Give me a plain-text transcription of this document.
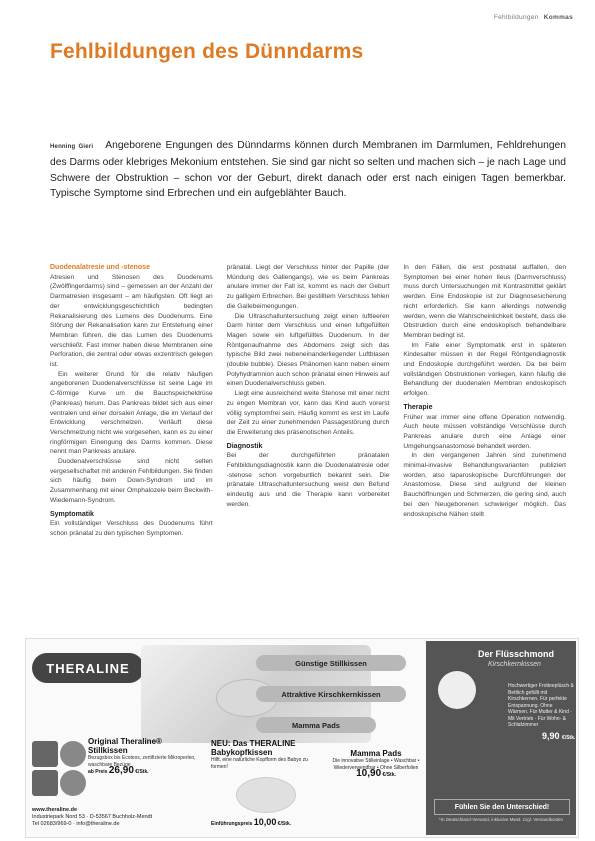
Fehlbildungen Kommas
Fehlbildungen des Dünndarms
Henning Gieri Angeborene Engungen des Dünndarms können durch Membranen im Darmlumen, Fehldrehungen des Darms oder klebriges Mekonium entstehen. Sie sind gar nicht so selten und machen sich – je nach Lage und Schwere der Obstruktion – schon vor der Geburt, direkt danach oder erst nach einigen Tagen bemerkbar. Typische Symptome sind Erbrechen und ein aufgeblähter Bauch.
Duodenalatresie und -stenose

Atresien und Stenosen des Duodenums (Zwölffingerdarms) sind – gemessen an der Anzahl der Darmatresien insgesamt – am häufigsten. Oft liegt an der entwicklungsgeschichtlich bedingten Rekanalisierung des Lumens des Duodenums. Eine Störung der Rekanalisation kann zur Entstehung einer Membran führen, die das Lumen des Duodenums verschließt. Fast immer haben diese Membranen eine Perforation, die zentral oder etwas exzentrisch gelegen ist.

Ein weiterer Grund für die relativ häufigen angeborenen Duodenalverschlüsse ist seine Lage im C-förmige Kurve um die Bauchspeicheldrüse (Pankreas) herum. Das Pankreas bildet sich aus einer ventralen und einer dorsalen Anlage, die im Verlauf der Entwicklung verschmelzen. Verläuft diese Verschmelzung nicht wie vorgesehen, kann es zu einer ringförmigen Einengung des Darms kommen. Diese nennt man Pankreas anulare.

Duodenalverschlüsse sind nicht selten vergesellschaftet mit anderen Fehlbildungen. Sie finden sich häufig beim Down-Syndrom und im Zusammenhang mit einer Omphalozele beim Beckwith-Wiedemann-Syndrom.

Symptomatik

Ein vollständiger Verschluss des Duodenums führt schon pränatal zu den typischen Symptomen.

pränatal. Liegt der Verschluss hinter der Papille (der Mündung des Gallengangs), wie es beim Pankreas anulare immer der Fall ist, kommt es nach der Geburt zu galligem Erbrechen. Bei gestilltem Verschluss fehlen die Gallebeimengungen.

Die Ultraschalluntersuchung zeigt einen luftleeren Darm hinter dem Verschluss und einen luftgefüllten Magen sowie ein luftgefülltes Duodenum. In der Röntgenaufnahme des Abdomens zeigt sich das typische Bild zwei nebeneinanderliegender Luftblasen (double bubble). Dieses Phänomen kann neben einem Polyhydramnion auch schon pränatal einen Hinweis auf einen Duodenalverschluss geben.

Liegt eine ausreichend weite Stenose mit einer nicht zu engen Membran vor, kann das Kind auch vorerst völlig symptomfrei sein. Häufig kommt es erst im Laufe der Zeit zu einer zunehmenden Passagestörung durch die Erweiterung des präsenotischen Anteils.

Diagnostik

Bei der durchgeführten pränatalen Fehlbildungsdiagnostik kann die Duodenalatresie oder -stenose schon vorgeburtlich bekannt sein. Die pränatale Ultraschalluntersuchung weist den Befund eindeutig aus und die Therapie kann vorbereitet werden.

In den Fällen, die erst postnatal auffallen, den Symptomen bei einer hohen Ileus (Darmverschluss) muss durch Untersuchungen mit Kontrastmittel geklärt werden. Eine Endoskopie ist zur Diagnosesicherung nicht erforderlich. Sie kann allerdings notwendig werden, wenn die Wahrscheinlichkeit besteht, dass die Obstruktion durch eine endoskopisch behandelbare Membran bedingt ist.

Im Falle einer Symptomatik erst in späteren Kindesalter müssen in der Regel Röntgendiagnostik und Endoskopie durchgeführt werden. Da bei beim vollständigen Obstruktionen vorliegen, kann häufig die Behandlung der duodenalen Membran endoskopisch erfolgen.

Therapie

Früher war immer eine offene Operation notwendig. Auch heute müssen vollständige Verschlüsse durch Pankreas anulare durch eine Anlage einer Umgehungsanastomose behandelt werden.

In den vergangenen Jahren sind zunehmend minimal-invasive Behandlungsvarianten publiziert worden, also laparoskopische Durchführungen der Anastomose. Diese sind aufgrund der kleinen Bauchöffnungen und Schmerzen, die gering sind, auch bei den Neugeborenen schwieriger möglich. Das endoskopische Nähen stellt

THERALINE	Günstige Stillkissen
Attraktive Kirschkernkissen
Mamma Pads
Original Theraline® Stillkissen
Bezugsbox bis Ecotexs, zertifizierte Mikroperlen, waschbare Bezüge
ab Preis 26,90 €/Stk.
NEU: Das THERALINE Babykopfkissen
Hilft, eine natürliche Kopfform des Babys zu formen!
Mamma Pads
Die innovative Stilleinlage • Waschbar • Wiederverwendbar • Ohne Silberfolien
10,90 €/Stk.
Der Flüsschmond
Kirschkernkissen
Hochwertiger Frotteeplüsch & Bettlich gefüllt mit Kirschkernen. Für perfekte Entspannung. Ohne Wärmen. Für Mutter & Kind · Mit Vertrieb · Für Wohn- & Schlafzimmer
9,90 €/Stk.
Fühlen Sie den Unterschied!
*In Deutschland-Versand, inklusive Mwst. zzgl. Versandkosten
www.theraline.de
Industriepark Nord 53 · D-53567 Buchholz-Mendt
Tel 02683/969-0 · info@theraline.de	Einführungspreis 10,00 €/Stk.
